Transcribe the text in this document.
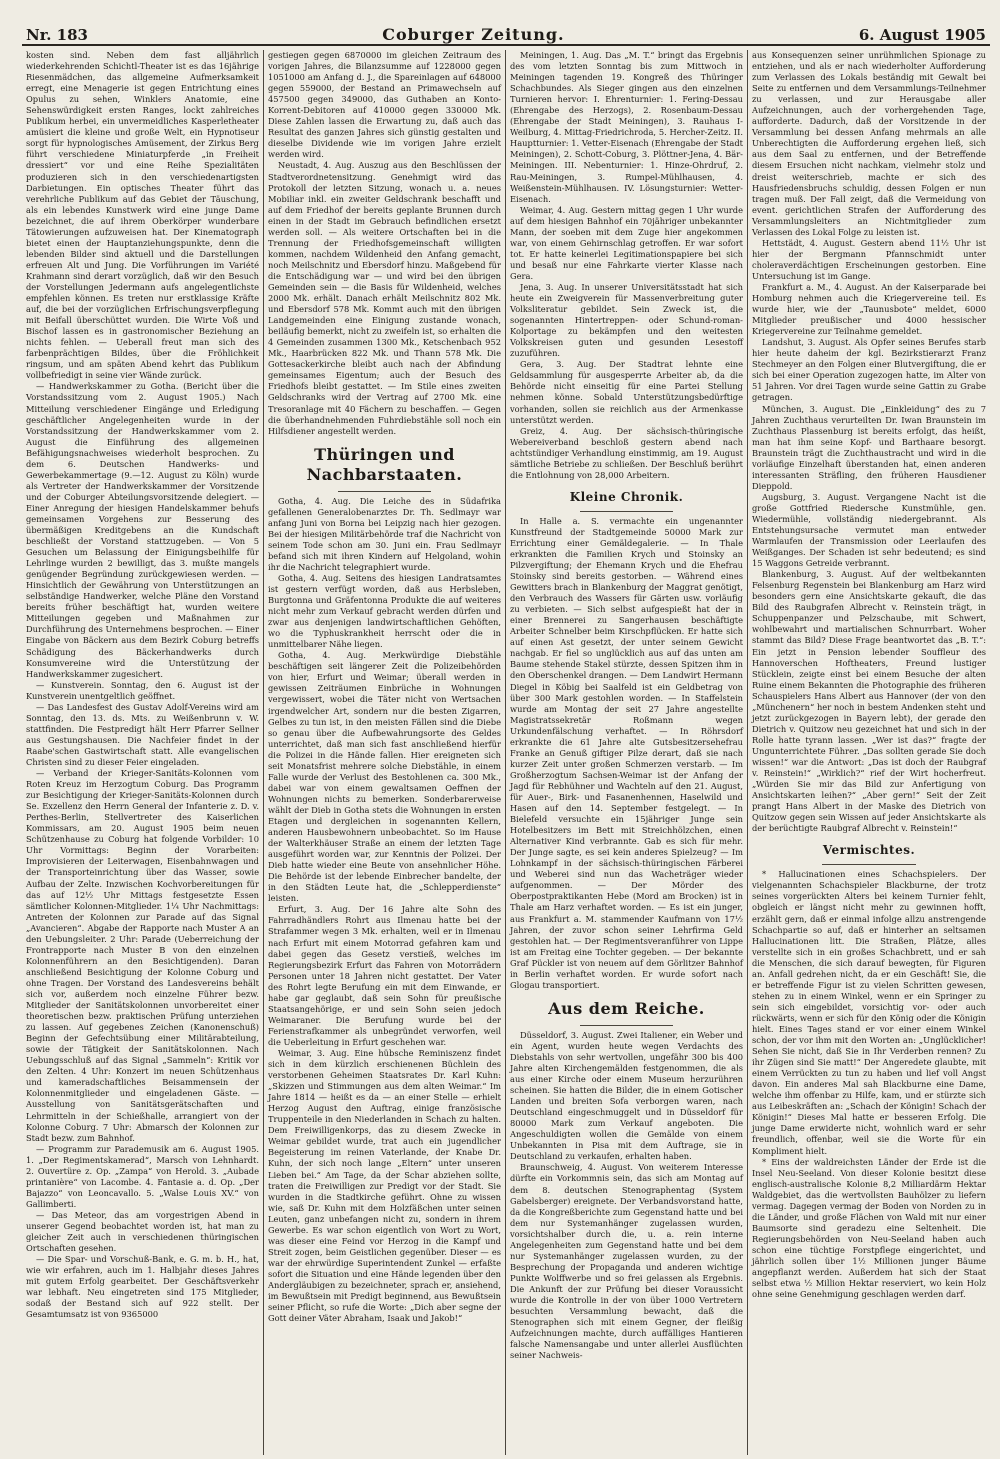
Nr. 183	Coburger Zeitung.	6. August 1905

kosten sind. Neben dem fast alljährlich wiederkehrenden Schichtl-Theater ist es das 16jährige Riesenmädchen, das allgemeine Aufmerksamkeit erregt, eine Menagerie ist gegen Entrichtung eines Opulus zu sehen, Winklers Anatomie, eine Sehenswürdigkeit ersten Ranges, lockt zahlreiches Publikum herbei, ein unvermeidliches Kasperletheater amüsiert die kleine und große Welt, ein Hypnotiseur sorgt für hypnologisches Amüsement, der Zirkus Berg führt verschiedene Miniaturpferde „in Freiheit dressiert“ vor und eine Reihe Spezialitäten produzieren sich in den verschiedenartigsten Darbietungen. Ein optisches Theater führt das verehrliche Publikum auf das Gebiet der Täuschung, als ein lebendes Kunstwerk wird eine junge Dame bezeichnet, die auf ihrem Oberkörper wunderbare Tätowierungen aufzuweisen hat. Der Kinematograph bietet einen der Hauptanziehungspunkte, denn die lebenden Bilder sind aktuell und die Darstellungen erfreuen Alt und Jung. Die Vorführungen im Variété Krahmann sind derart vorzüglich, daß wir den Besuch der Vorstellungen Jedermann aufs angelegentlichste empfehlen können. Es treten nur erstklassige Kräfte auf, die bei der vorzüglichen Erfrischungsverpflegung mit Beifall überschüttet wurden. Die Wirte Voß und Bischof lassen es in gastronomischer Beziehung an nichts fehlen. — Ueberall freut man sich des farbenprächtigen Bildes, über die Fröhlichkeit ringsum, und am späten Abend kehrt das Publikum vollbefriedigt in seine vier Wände zurück.

— Handwerkskammer zu Gotha. (Bericht über die Vorstandssitzung vom 2. August 1905.) Nach Mitteilung verschiedener Eingänge und Erledigung geschäftlicher Angelegenheiten wurde in der Vorstandssitzung der Handwerkskammer vom 2. August die Einführung des allgemeinen Befähigungsnachweises wiederholt besprochen. Zu dem 6. Deutschen Handwerks- und Gewerbekammertage (9.—12. August zu Köln) wurde als Vertreter der Handwerkskammer der Vorsitzende und der Coburger Abteilungsvorsitzende delegiert. — Einer Anregung der hiesigen Handelskammer behufs gemeinsamen Vorgehens zur Besserung des übermäßigen Kreditgebens an die Kundschaft beschließt der Vorstand stattzugeben. — Von 5 Gesuchen um Belassung der Einigungsbeihilfe für Lehrlinge wurden 2 bewilligt, das 3. mußte mangels genügender Begründung zurückgewiesen werden. — Hinsichtlich der Gewährung von Unterstützungen an selbständige Handwerker, welche Pläne den Vorstand bereits früher beschäftigt hat, wurden weitere Mitteilungen gegeben und Maßnahmen zur Durchführung des Unternehmens besprochen. — Einer Eingabe von Bäckern aus dem Bezirk Coburg betreffs Schädigung des Bäckerhandwerks durch Konsumvereine wird die Unterstützung der Handwerkskammer zugesichert.

— Kunstverein. Sonntag, den 6. August ist der Kunstverein unentgeltlich geöffnet.

— Das Landesfest des Gustav Adolf-Vereins wird am Sonntag, den 13. ds. Mts. zu Weißenbrunn v. W. stattfinden. Die Festpredigt hält Herr Pfarrer Sellner aus Gestungshausen. Die Nachfeier findet in der Raabe'schen Gastwirtschaft statt. Alle evangelischen Christen sind zu dieser Feier eingeladen.

— Verband der Krieger-Sanitäts-Kolonnen vom Roten Kreuz im Herzogtum Coburg. Das Programm zur Besichtigung der Krieger-Sanitäts-Kolonnen durch Se. Exzellenz den Herrn General der Infanterie z. D. v. Perthes-Berlin, Stellvertreter des Kaiserlichen Kommissars, am 20. August 1905 beim neuen Schützenhause zu Coburg hat folgende Vorbilder: 10 Uhr Vormittags: Beginn der Vorarbeiten: Improvisieren der Leiterwagen, Eisenbahnwagen und der Transporteinrichtung über das Wasser, sowie Aufbau der Zelte. Inzwischen Kochvorbereitungen für das auf 12½ Uhr Mittags festgesetzte Essen sämtlicher Kolonnen-Mitglieder. 1¼ Uhr Nachmittags: Antreten der Kolonnen zur Parade auf das Signal „Avancieren“. Abgabe der Rapporte nach Muster A an den Uebungsleiter. 2 Uhr: Parade (Ueberreichung der Frontrapporte nach Muster B von den einzelnen Kolonnenführern an den Besichtigenden). Daran anschließend Besichtigung der Kolonne Coburg und ohne Tragen. Der Vorstand des Landesvereins behält sich vor, außerdem noch einzelne Führer bezw. Mitglieder der Sanitätskolonnen unvorbereitet einer theoretischen bezw. praktischen Prüfung unterziehen zu lassen. Auf gegebenes Zeichen (Kanonenschuß) Beginn der Gefechtsübung einer Militärabteilung, sowie der Tätigkeit der Sanitätskolonnen. Nach Uebungsschluß auf das Signal „Sammeln“: Kritik vor den Zelten. 4 Uhr: Konzert im neuen Schützenhaus und kameradschaftliches Beisammensein der Kolonnenmitglieder und eingeladenen Gäste. — Ausstellung von Sanitätsgerätschaften und Lehrmitteln in der Schießhalle, arrangiert von der Kolonne Coburg. 7 Uhr: Abmarsch der Kolonnen zur Stadt bezw. zum Bahnhof.

— Programm zur Parademusik am 6. August 1905. 1. „Der Regimentskamerad“, Marsch von Lehnhardt. 2. Ouvertüre z. Op. „Zampa“ von Herold. 3. „Aubade printanière“ von Lacombe. 4. Fantasie a. d. Op. „Der Bajazzo“ von Leoncavallo. 5. „Walse Louis XV.“ von Gallimberti.

— Das Meteor, das am vorgestrigen Abend in unserer Gegend beobachtet worden ist, hat man zu gleicher Zeit auch in verschiedenen thüringischen Ortschaften gesehen.

— Die Spar- und Vorschuß-Bank, e. G. m. b. H., hat, wie wir erfahren, auch im 1. Halbjahr dieses Jahres mit gutem Erfolg gearbeitet. Der Geschäftsverkehr war lebhaft. Neu eingetreten sind 175 Mitglieder, sodaß der Bestand sich auf 922 stellt. Der Gesamtumsatz ist von 9365000

gestiegen gegen 6870000 im gleichen Zeitraum des vorigen Jahres, die Bilanzsumme auf 1228000 gegen 1051000 am Anfang d. J., die Spareinlagen auf 648000 gegen 559000, der Bestand an Primawechseln auf 457500 gegen 349000, das Guthaben an Konto-Korrent-Debitoren auf 410000 gegen 330000 Mk. Diese Zahlen lassen die Erwartung zu, daß auch das Resultat des ganzen Jahres sich günstig gestalten und dieselbe Dividende wie im vorigen Jahre erzielt werden wird.

Neustadt, 4. Aug. Auszug aus den Beschlüssen der Stadtverordnetensitzung. Genehmigt wird das Protokoll der letzten Sitzung, wonach u. a. neues Mobiliar inkl. ein zweiter Geldschrank beschafft und auf dem Friedhof der bereits geplante Brunnen durch einen in der Stadt im Gebrauch befindlichen ersetzt werden soll. — Als weitere Ortschaften bei in die Trennung der Friedhofsgemeinschaft willigten kommen, nachdem Wildenheid den Anfang gemacht, noch Meilschnitz und Ebersdorf hinzu. Maßgebend für die Entschädigung war — und wird bei den übrigen Gemeinden sein — die Basis für Wildenheid, welches 2000 Mk. erhält. Danach erhält Meilschnitz 802 Mk. und Ebersdorf 578 Mk. Kommt auch mit den übrigen Landgemeinden eine Einigung zustande wonach, beiläufig bemerkt, nicht zu zweifeln ist, so erhalten die 4 Gemeinden zusammen 1300 Mk., Ketschenbach 952 Mk., Haarbrücken 822 Mk. und Thann 578 Mk. Die Gottesackerkirche bleibt auch nach der Abfindung gemeinsames Eigentum; auch der Besuch des Friedhofs bleibt gestattet. — Im Stile eines zweiten Geldschranks wird der Vertrag auf 2700 Mk. eine Tresoranlage mit 40 Fächern zu beschaffen. — Gegen die überhandnehmenden Fuhrdiebstähle soll noch ein Hilfsdiener angestellt werden.

Thüringen und Nachbarstaaten.

Gotha, 4. Aug. Die Leiche des in Südafrika gefallenen Generalobenarztes Dr. Th. Sedlmayr war anfang Juni von Borna bei Leipzig nach hier gezogen. Bei der hiesigen Militärbehörde traf die Nachricht von seinem Tode schon am 30. Juni ein. Frau Sedlmayr befand sich mit ihren Kindern auf Helgoland, wohin ihr die Nachricht telegraphiert wurde.

Gotha, 4. Aug. Seitens des hiesigen Landratsamtes ist gestern verfügt worden, daß aus Herbsleben, Burgtonna und Gräfentonna Produkte die auf weiteres nicht mehr zum Verkauf gebracht werden dürfen und zwar aus denjenigen landwirtschaftlichen Gehöften, wo die Typhuskrankheit herrscht oder die in unmittelbarer Nähe liegen.

Gotha, 4. Aug. Merkwürdige Diebstähle beschäftigen seit längerer Zeit die Polizeibehörden von hier, Erfurt und Weimar; überall werden in gewissen Zeiträumen Einbrüche in Wohnungen vergewissert, wobei die Täter nicht von Wertsachen irgendwelcher Art, sondern nur die besten Zigarren, Gelbes zu tun ist, in den meisten Fällen sind die Diebe so genau über die Aufbewahrungsorte des Geldes unterrichtet, daß man sich fast anschließend hierfür die Polizei in die Hände fallen. Hier ereigneten sich seit Monatsfrist mehrere solche Diebstähle, in einem Falle wurde der Verlust des Bestohlenen ca. 300 Mk., dabei war von einem gewaltsamen Oeffnen der Wohnungen nichts zu bemerken. Sonderbarerweise wählt der Dieb in Gotha stets die Wohnungen in ersten Etagen und dergleichen in sogenannten Kellern, anderen Hausbewohnern unbeobachtet. So im Hause der Walterkhäuser Straße an einem der letzten Tage ausgeführt worden war, zur Kenntnis der Polizei. Der Dieb hatte wieder eine Beute von ansehnlicher Höhe. Die Behörde ist der lebende Einbrecher bandelte, der in den Städten Leute hat, die „Schlepperdienste“ leisten.

Erfurt, 3. Aug. Der 16 Jahre alte Sohn des Fahrradhändlers Rohrt aus Ilmenau hatte bei der Strafammer wegen 3 Mk. erhalten, weil er in Ilmenau nach Erfurt mit einem Motorrad gefahren kam und dabei gegen das Gesetz verstieß, welches im Regierungsbezirk Erfurt das Fahren von Motorrädern Personen unter 18 Jahren nicht gestattet. Der Vater des Rohrt legte Berufung ein mit dem Einwande, er habe gar geglaubt, daß sein Sohn für preußische Staatsangehörige, er und sein Sohn seien jedoch Weimaraner. Die Berufung wurde bei der Ferienstrafkammer als unbegründet verworfen, weil die Ueberleitung in Erfurt geschehen war.

Weimar, 3. Aug. Eine hübsche Reminiszenz findet sich in dem kürzlich erschienenen Büchlein des verstorbenen Geheimen Staatsrates Dr. Karl Kuhn: „Skizzen und Stimmungen aus dem alten Weimar.“ Im Jahre 1814 — heißt es da — an einer Stelle — erhielt Herzog August den Auftrag, einige französische Truppenteile in den Niederlanden in Schach zu halten. Dem Freiwilligenkorps, das zu diesem Zwecke in Weimar gebildet wurde, trat auch ein jugendlicher Begeisterung im reinen Vaterlande, der Knabe Dr. Kuhn, der sich noch lange „Eltern“ unter unseren Lieben bei.“ Am Tage, da der Schar abziehen sollte, traten die Freiwilligen zur Predigt vor der Stadt. Sie wurden in die Stadtkirche geführt. Ohne zu wissen wie, saß Dr. Kuhn mit dem Holzfäßchen unter seinen Leuten, ganz unbefangen nicht zu, sondern in ihrem Gewerbe. Es war schon eigentlich von Wort zu Wort, was dieser eine Feind vor Herzog in die Kampf und Streit zogen, beim Geistlichen gegenüber. Dieser — es war der ehrwürdige Superintendent Zunkel — erfaßte sofort die Situation und eine Hände legenden über den Andergläubigen zu bezeichneter, sprach er, ansiehend, im Bewußtsein mit Predigt beginnend, aus Bewußtsein seiner Pflicht, so rufe die Worte: „Dich aber segne der Gott deiner Väter Abraham, Isaak und Jakob!“

Meiningen, 1. Aug. Das „M. T.“ bringt das Ergebnis des vom letzten Sonntag bis zum Mittwoch in Meiningen tagenden 19. Kongreß des Thüringer Schachbundes. Als Sieger gingen aus den einzelnen Turnieren hervor: I. Ehrenturnier: 1. Fering-Dessau (Ehrengabe des Herzogs), 2. Rosenbaum-Dessau (Ehrengabe der Stadt Meiningen), 3. Rauhaus I-Weilburg, 4. Mittag-Friedrichroda, 5. Hercher-Zeitz. II. Hauptturnier: 1. Vetter-Eisenach (Ehrengabe der Stadt Meiningen), 2. Schott-Coburg, 3. Plöttner-Jena, 4. Bär-Meiningen. III. Nebenturnier: 1. Hinze-Ohrdruf, 2. Rau-Meiningen, 3. Rumpel-Mühlhausen, 4. Weißenstein-Mühlhausen. IV. Lösungsturnier: Wetter-Eisenach.

Weimar, 4. Aug. Gestern mittag gegen 1 Uhr wurde auf dem hiesigen Bahnhof ein 70jähriger unbekannter Mann, der soeben mit dem Zuge hier angekommen war, von einem Gehirnschlag getroffen. Er war sofort tot. Er hatte keinerlei Legitimationspapiere bei sich und besaß nur eine Fahrkarte vierter Klasse nach Gera.

Jena, 3. Aug. In unserer Universitätsstadt hat sich heute ein Zweigverein für Massenverbreitung guter Volksliteratur gebildet. Sein Zweck ist, die sogenannten Hintertreppen- oder Schund-roman-Kolportage zu bekämpfen und den weitesten Volkskreisen guten und gesunden Lesestoff zuzuführen.

Gera, 3. Aug. Der Stadtrat lehnte eine Geldsammlung für ausgesperrte Arbeiter ab, da die Behörde nicht einseitig für eine Partei Stellung nehmen könne. Sobald Unterstützungsbedürftige vorhanden, sollen sie reichlich aus der Armenkasse unterstützt werden.

Greiz, 4. Aug. Der sächsisch-thüringische Webereiverband beschloß gestern abend nach achtstündiger Verhandlung einstimmig, am 19. August sämtliche Betriebe zu schließen. Der Beschluß berührt die Entlohnung von 28,000 Arbeitern.

Kleine Chronik.

In Halle a. S. vermachte ein ungenannter Kunstfreund der Stadtgemeinde 50000 Mark zur Errichtung einer Gemäldegalerie. — In Thale erkrankten die Familien Krych und Stoinsky an Pilzvergiftung; der Ehemann Krych und die Ehefrau Stoinsky sind bereits gestorben. — Während eines Gewitters brach in Blankenburg der Maggrat genötigt, den Verbrauch des Wassers für Gärten usw. vorläufig zu verbieten. — Sich selbst aufgespießt hat der in einer Brennerei zu Sangerhausen beschäftigte Arbeiter Schnelber beim Kirschpflücken. Er hatte sich auf einen Ast gesetzt, der unter seinem Gewicht nachgab. Er fiel so unglücklich aus auf das unten am Baume stehende Stakel stürzte, dessen Spitzen ihm in den Oberschenkel drangen. — Dem Landwirt Hermann Diegel in Köbig bei Saalfeld ist ein Geldbetrag von über 300 Mark gestohlen worden. — In Staffelstein wurde am Montag der seit 27 Jahre angestellte Magistratssekretär Roßmann wegen Urkundenfälschung verhaftet. — In Röhrsdorf erkrankte die 61 Jahre alte Gutsbesitzersehefrau Franke an Genuß giftiger Pilze derart, daß sie nach kurzer Zeit unter großen Schmerzen verstarb. — Im Großherzogtum Sachsen-Weimar ist der Anfang der Jagd für Rebhühner und Wachteln auf den 21. August, für Auer-, Birk- und Fasanenhennen, Haselwild und Hasen auf den 14. September festgelegt. — In Bielefeld versuchte ein 15jähriger Junge sein Hotelbesitzers im Bett mit Streichhölzchen, einen Alternativer Kind verbrannte. Gab es sich für mehr. Der Junge sagte, es sei kein anderes Spielzeug? — Im Lohnkampf in der sächsisch-thüringischen Färberei und Weberei sind nun das Wacheträger wieder aufgenommen. — Der Mörder des Oberpostpraktikanten Hebe (Mord am Brocken) ist in Thale am Harz verhaftet worden. — Es ist ein junger, aus Frankfurt a. M. stammender Kaufmann von 17½ Jahren, der zuvor schon seiner Lehrfirma Geld gestohlen hat. — Der Regimentsveranführer von Lippe ist am Freitag eine Tochter gegeben. — Der bekannte Graf Pückler ist von neuem auf dem Görlitzer Bahnhof in Berlin verhaftet worden. Er wurde sofort nach Glogau transportiert.

Aus dem Reiche.

Düsseldorf, 3. August. Zwei Italiener, ein Weber und ein Agent, wurden heute wegen Verdachts des Diebstahls von sehr wertvollen, ungefähr 300 bis 400 Jahre alten Kirchengemälden festgenommen, die als aus einer Kirche oder einem Museum herzurühren scheinen. Sie hatten die Bilder, die in einem Gotischer Landen und breiten Sofa verborgen waren, nach Deutschland eingeschmuggelt und in Düsseldorf für 80000 Mark zum Verkauf angeboten. Die Angeschuldigten wollen die Gemälde von einem Unbekannten in Pisa mit dem Auftrage, sie in Deutschland zu verkaufen, erhalten haben.

Braunschweig, 4. August. Von weiterem Interesse dürfte ein Vorkommnis sein, das sich am Montag auf dem 8. deutschen Stenographentag (System Gabelsberger) ereignete. Der Verbandsvorstand hatte, da die Kongreßberichte zum Gegenstand hatte und bei dem nur Systemanhänger zugelassen wurden, vorsichtshalber durch die, u. a. rein interne Angelegenheiten zum Gegenstand hatte und bei dem nur Systemanhänger zugelassen wurden, zu der Besprechung der Propaganda und anderen wichtige Punkte Wolffwerbe und so frei gelassen als Ergebnis. Die Ankunft der zur Prüfung bei dieser Voraussicht wurde die Kontrolle in der von über 1000 Vertretern besuchten Versammlung bewacht, daß die Stenographen sich mit einem Gegner, der fleißig Aufzeichnungen machte, durch auffälliges Hantieren falsche Namensangabe und unter allerlei Ausflüchten seiner Nachweis-

aus Konsequenzen seiner unrühmlichen Spionage zu entziehen, und als er nach wiederholter Aufforderung zum Verlassen des Lokals beständig mit Gewalt bei Seite zu entfernen und dem Versammlungs-Teilnehmer zu verlassen, und zur Herausgabe aller Aufzeichnungen, auch der vorhergehenden Tage, aufforderte. Dadurch, daß der Vorsitzende in der Versammlung bei dessen Anfang mehrmals an alle Unberechtigten die Aufforderung ergehen ließ, sich aus dem Saal zu entfernen, und der Betreffende diesem Ersuchen nicht nachkam, vielmehr stolz und dreist weiterschrieb, machte er sich des Hausfriedensbruchs schuldig, dessen Folgen er nun tragen muß. Der Fall zeigt, daß die Vermeidung von event. gerichtlichen Strafen der Aufforderung des Versammlungsleiters an Nichtmitglieder zum Verlassen des Lokal Folge zu leisten ist.

Hettstädt, 4. August. Gestern abend 11½ Uhr ist hier der Bergmann Pfannschmidt unter choleraverdächtigen Erscheinungen gestorben. Eine Untersuchung ist im Gange.

Frankfurt a. M., 4. August. An der Kaiserparade bei Homburg nehmen auch die Kriegervereine teil. Es wurde hier, wie der „Taunusbote“ meldet, 6000 Mitglieder preußischer und 4000 hessischer Kriegervereine zur Teilnahme gemeldet.

Landshut, 3. August. Als Opfer seines Berufes starb hier heute daheim der kgl. Bezirkstierarzt Franz Stechmeyer an den Folgen einer Blutvergiftung, die er sich bei einer Operation zugezogen hatte, im Alter von 51 Jahren. Vor drei Tagen wurde seine Gattin zu Grabe getragen.

München, 3. August. Die „Einkleidung“ des zu 7 Jahren Zuchthaus verurteilten Dr. Iwan Braunstein im Zuchthaus Plassenburg ist bereits erfolgt, das heißt, man hat ihm seine Kopf- und Barthaare besorgt. Braunstein trägt die Zuchthaustracht und wird in die vorläufige Einzelhaft überstanden hat, einen anderen interessanten Sträfling, den früheren Hausdiener Dieppold.

Augsburg, 3. August. Vergangene Nacht ist die große Gottfried Riedersche Kunstmühle, gen. Wiedermühle, vollständig niedergebrannt. Als Entstehungsursache vermutet man entweder Warmlaufen der Transmission oder Leerlaufen des Weißganges. Der Schaden ist sehr bedeutend; es sind 15 Waggons Getreide verbrannt.

Blankenburg, 3. August. Auf der weltbekannten Felsenburg Regenstein bei Blankenburg am Harz wird besonders gern eine Ansichtskarte gekauft, die das Bild des Raubgrafen Albrecht v. Reinstein trägt, in Schuppenpanzer und Pelzschaube, mit Schwert, wohlbewahrt und martialischen Schnurrbart. Woher stammt das Bild? Diese Frage beantwortet das „B. T.“: Ein jetzt in Pension lebender Souffleur des Hannoverschen Hoftheaters, Freund lustiger Stücklein, zeigte einst bei einem Besuche der alten Ruine einem Bekannten die Photographie des früheren Schauspielers Hans Albert aus Hannover (der von den „Münchenern“ her noch in bestem Andenken steht und jetzt zurückgezogen in Bayern lebt), der gerade den Dietrich v. Quitzow neu gezeichnet hat und sich in der Rolle hatte tyrann lassen. „Wer ist das?“ fragte der Ungunterrichtete Führer. „Das sollten gerade Sie doch wissen!“ war die Antwort: „Das ist doch der Raubgraf v. Reinstein!“ „Wirklich?“ rief der Wirt hocherfreut. „Würden Sie mir das Bild zur Anfertigung von Ansichtskarten leihen?“ „Aber gern!“ Seit der Zeit prangt Hans Albert in der Maske des Dietrich von Quitzow gegen sein Wissen auf jeder Ansichtskarte als der berüchtigte Raubgraf Albrecht v. Reinstein!“

Vermischtes.

* Hallucinationen eines Schachspielers. Der vielgenannten Schachspieler Blackburne, der trotz seines vorgerückten Alters bei keinem Turnier fehlt, obgleich er längst nicht mehr zu gewinnen hofft, erzählt gern, daß er einmal infolge allzu anstrengende Schachpartie so auf, daß er hinterher an seltsamen Hallucinationen litt. Die Straßen, Plätze, alles verstellte sich in ein großes Schachbrett, und er sah die Menschen, die sich darauf bewegten, für Figuren an. Anfall gedrehen nicht, da er ein Geschäft! Sie, die er betreffende Figur ist zu vielen Schritten gewesen, stehen zu in einem Winkel, wenn er ein Springer zu sein sich eingebildet, vorsichtig vor- oder auch rückwärts, wenn er sich für den König oder die Königin hielt. Eines Tages stand er vor einer einem Winkel schon, der vor ihm mit den Worten an: „Unglücklicher! Sehen Sie nicht, daß Sie in Ihr Verderben rennen? Zu ihr Zügen sind Sie matt!“ Der Angeredete glaubte, mit einem Verrückten zu tun zu haben und lief voll Angst davon. Ein anderes Mal sah Blackburne eine Dame, welche ihm offenbar zu Hilfe, kam, und er stürzte sich aus Leibeskräften an: „Schach der Königin! Schach der Königin!“ Dieses Mal hatte er besseren Erfolg. Die junge Dame erwiderte nicht, wohnlich ward er sehr freundlich, offenbar, weil sie die Worte für ein Kompliment hielt.

* Eins der waldreichsten Länder der Erde ist die Insel Neu-Seeland. Von dieser Kolonie besitzt diese englisch-australische Kolonie 8,2 Milliardärm Hektar Waldgebiet, das die wertvollsten Bauhölzer zu liefern vermag. Dagegen vermag der Boden von Norden zu in die Länder, und große Flächen von Wald mit nur einer Baumsorte sind geradezu eine Seltenheit. Die Regierungsbehörden von Neu-Seeland haben auch schon eine tüchtige Forstpflege eingerichtet, und jährlich sollen über 1½ Millionen junger Bäume angepflanzt werden. Außerdem hat sich der Staat selbst etwa ½ Million Hektar reserviert, wo kein Holz ohne seine Genehmigung geschlagen werden darf.
